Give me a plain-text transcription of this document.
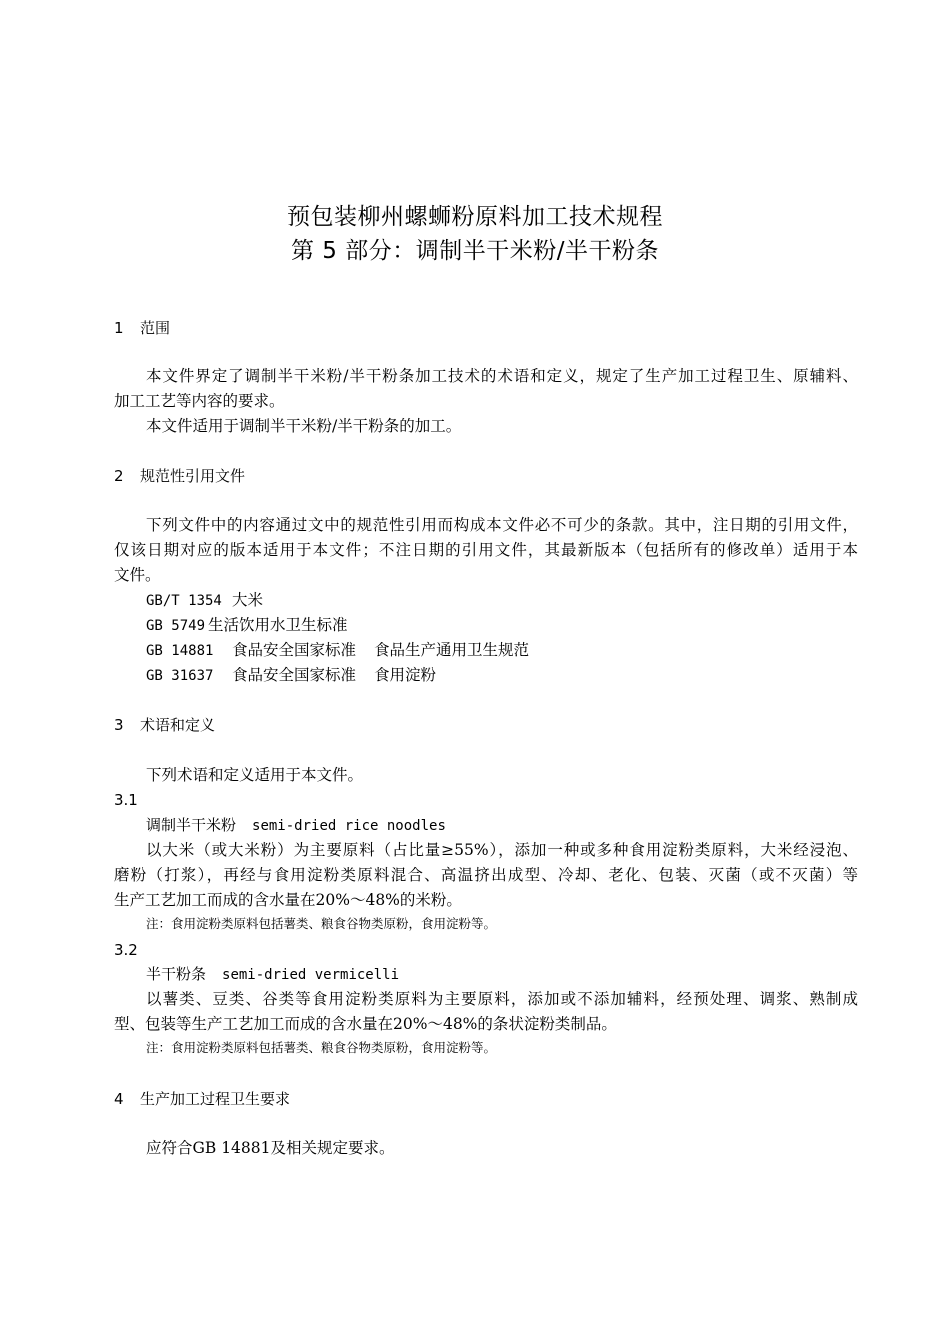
预包装柳州螺蛳粉原料加工技术规程
第 5 部分：调制半干米粉/半干粉条
1 范围
本文件界定了调制半干米粉/半干粉条加工技术的术语和定义，规定了生产加工过程卫生、原辅料、
加工工艺等内容的要求。
本文件适用于调制半干米粉/半干粉条的加工。
2 规范性引用文件
下列文件中的内容通过文中的规范性引用而构成本文件必不可少的条款。其中，注日期的引用文件，
仅该日期对应的版本适用于本文件；不注日期的引用文件，其最新版本（包括所有的修改单）适用于本
文件。
GB/T 1354 大米
GB 5749 生活饮用水卫生标准
GB 14881 食品安全国家标准 食品生产通用卫生规范
GB 31637 食品安全国家标准 食用淀粉
3 术语和定义
下列术语和定义适用于本文件。
3.1
调制半干米粉 semi-dried rice noodles
以大米（或大米粉）为主要原料（占比量≥55%），添加一种或多种食用淀粉类原料，大米经浸泡、
磨粉（打浆），再经与食用淀粉类原料混合、高温挤出成型、冷却、老化、包装、灭菌（或不灭菌）等
生产工艺加工而成的含水量在20%～48%的米粉。
注：食用淀粉类原料包括薯类、粮食谷物类原粉，食用淀粉等。
3.2
半干粉条 semi-dried vermicelli
以薯类、豆类、谷类等食用淀粉类原料为主要原料，添加或不添加辅料，经预处理、调浆、熟制成
型、包装等生产工艺加工而成的含水量在20%～48%的条状淀粉类制品。
注：食用淀粉类原料包括薯类、粮食谷物类原粉，食用淀粉等。
4 生产加工过程卫生要求
应符合GB 14881及相关规定要求。
